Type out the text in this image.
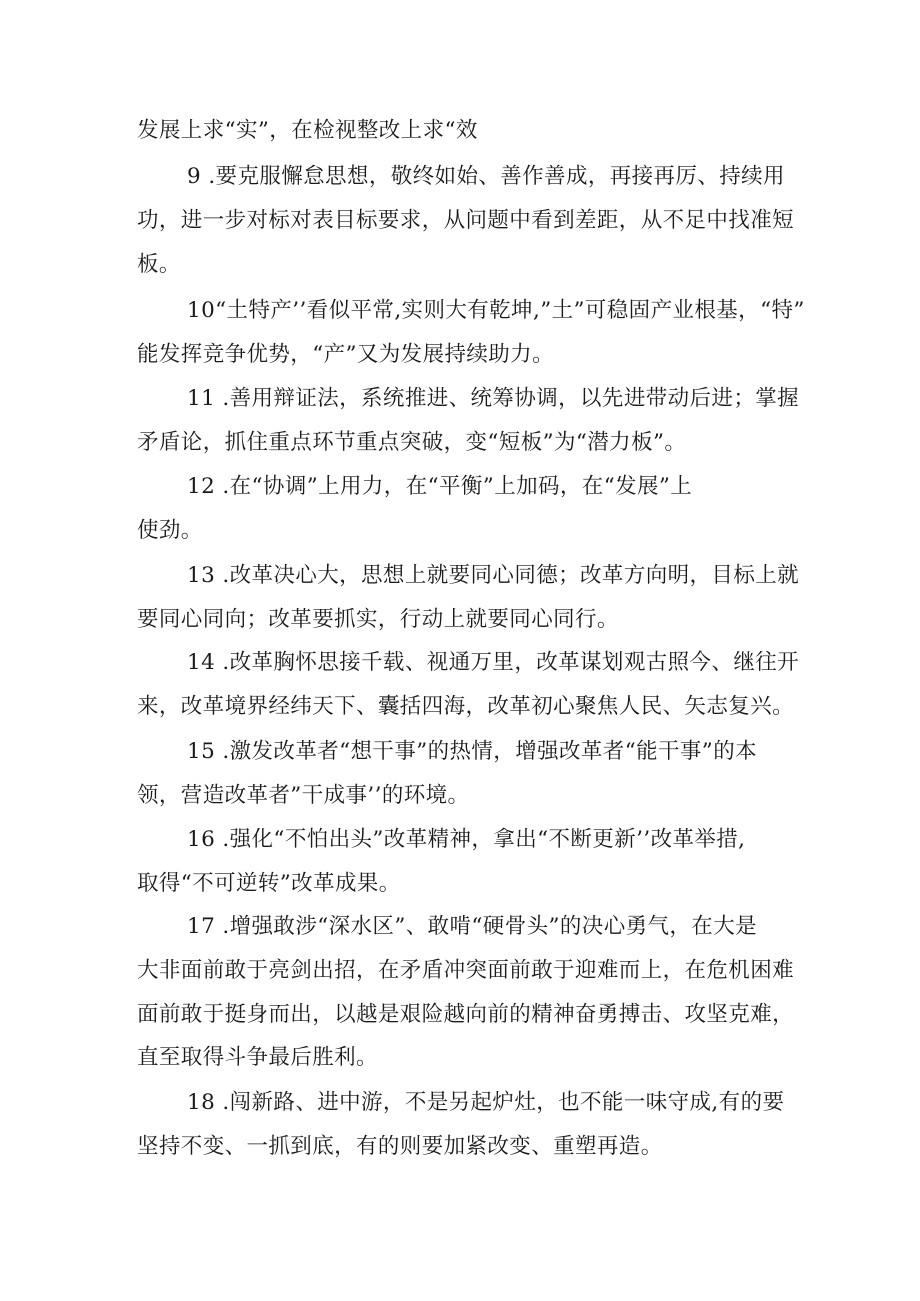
发展上求“实”，在检视整改上求“效
9 .要克服懈怠思想，敬终如始、善作善成，再接再厉、持续用
功，进一步对标对表目标要求，从问题中看到差距，从不足中找准短
板。
10“土特产’’看似平常,实则大有乾坤,”土”可稳固产业根基，“特”
能发挥竞争优势，“产”又为发展持续助力。
11 .善用辩证法，系统推进、统筹协调，以先进带动后进；掌握
矛盾论，抓住重点环节重点突破，变“短板”为“潜力板”。
12 .在“协调”上用力，在“平衡”上加码，在“发展”上
使劲。
13 .改革决心大，思想上就要同心同德；改革方向明，目标上就
要同心同向；改革要抓实，行动上就要同心同行。
14 .改革胸怀思接千载、视通万里，改革谋划观古照今、继往开
来，改革境界经纬天下、囊括四海，改革初心聚焦人民、矢志复兴。
15 .激发改革者“想干事”的热情，增强改革者“能干事”的本
领，营造改革者”干成事’’的环境。
16 .强化“不怕出头”改革精神，拿出“不断更新’’改革举措,
取得“不可逆转”改革成果。
17 .增强敢涉“深水区”、敢啃“硬骨头”的决心勇气，在大是
大非面前敢于亮剑出招，在矛盾冲突面前敢于迎难而上，在危机困难
面前敢于挺身而出，以越是艰险越向前的精神奋勇搏击、攻坚克难，
直至取得斗争最后胜利。
18 .闯新路、进中游，不是另起炉灶，也不能一味守成,有的要
坚持不变、一抓到底，有的则要加紧改变、重塑再造。
